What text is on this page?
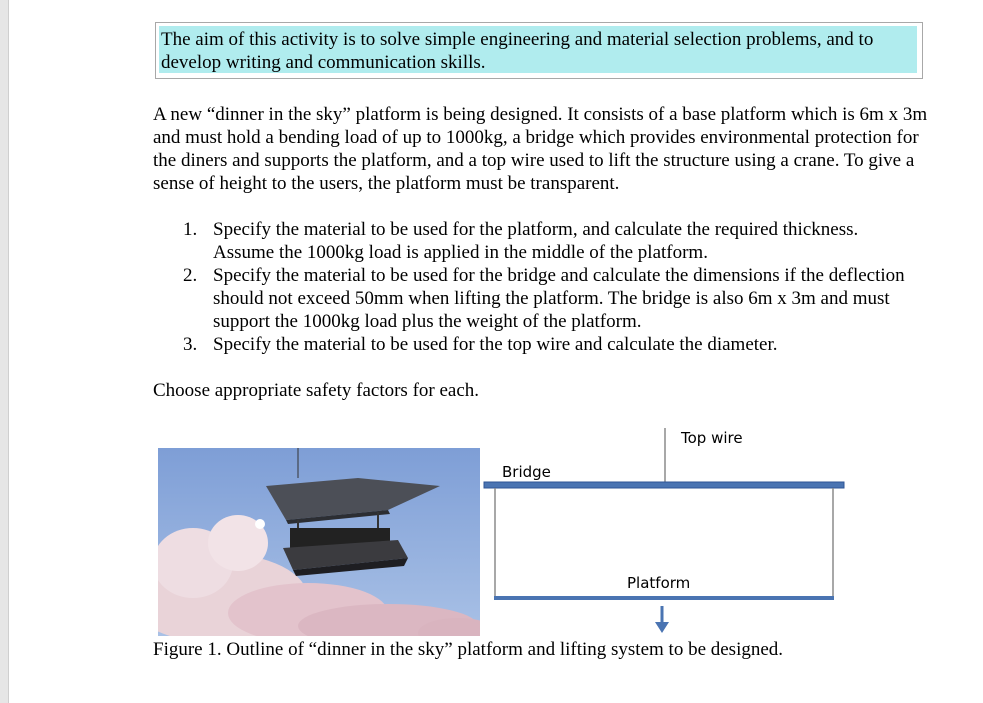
The aim of this activity is to solve simple engineering and material selection problems, and to develop writing and communication skills.

A new “dinner in the sky” platform is being designed. It consists of a base platform which is 6m x 3m and must hold a bending load of up to 1000kg, a bridge which provides environmental protection for the diners and supports the platform, and a top wire used to lift the structure using a crane. To give a sense of height to the users, the platform must be transparent.

1. Specify the material to be used for the platform, and calculate the required thickness. Assume the 1000kg load is applied in the middle of the platform.
2. Specify the material to be used for the bridge and calculate the dimensions if the deflection should not exceed 50mm when lifting the platform. The bridge is also 6m x 3m and must support the 1000kg load plus the weight of the platform.
3. Specify the material to be used for the top wire and calculate the diameter.

Choose appropriate safety factors for each.

Top wire
Bridge
Platform

Figure 1. Outline of “dinner in the sky” platform and lifting system to be designed.
